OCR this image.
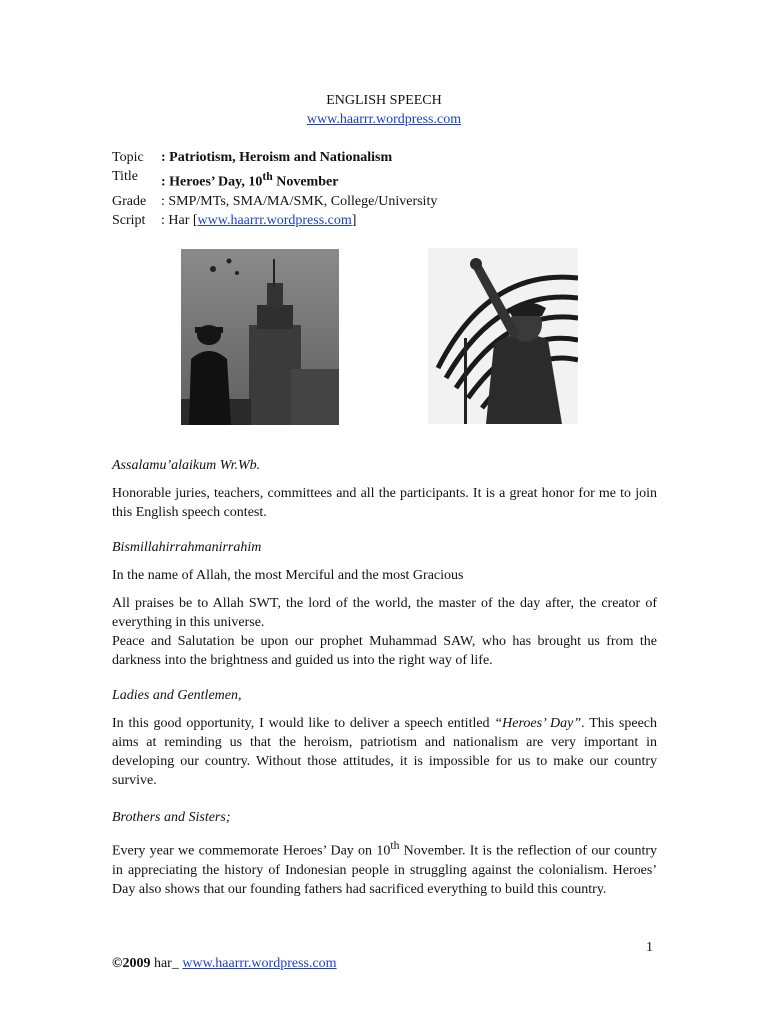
ENGLISH SPEECH
www.haarrr.wordpress.com
Topic	: Patriotism, Heroism and Nationalism
Title	: Heroes’ Day, 10th November
Grade	: SMP/MTs, SMA/MA/SMK, College/University
Script	: Har [www.haarrr.wordpress.com]
Assalamu’alaikum Wr.Wb.
Honorable juries, teachers, committees and all the participants. It is a great honor for me to join this English speech contest.
Bismillahirrahmanirrahim
In the name of Allah, the most Merciful and the most Gracious
All praises be to Allah SWT, the lord of the world, the master of the day after, the creator of everything in this universe.
Peace and Salutation be upon our prophet Muhammad SAW, who has brought us from the darkness into the brightness and guided us into the right way of life.
Ladies and Gentlemen,
In this good opportunity, I would like to deliver a speech entitled “Heroes’ Day”. This speech aims at reminding us that the heroism, patriotism and nationalism are very important in developing our country. Without those attitudes, it is impossible for us to make our country survive.
Brothers and Sisters;
Every year we commemorate Heroes’ Day on 10th November. It is the reflection of our country in appreciating the history of Indonesian people in struggling against the colonialism. Heroes’ Day also shows that our founding fathers had sacrificed everything to build this country.
1
©2009 har_ www.haarrr.wordpress.com
